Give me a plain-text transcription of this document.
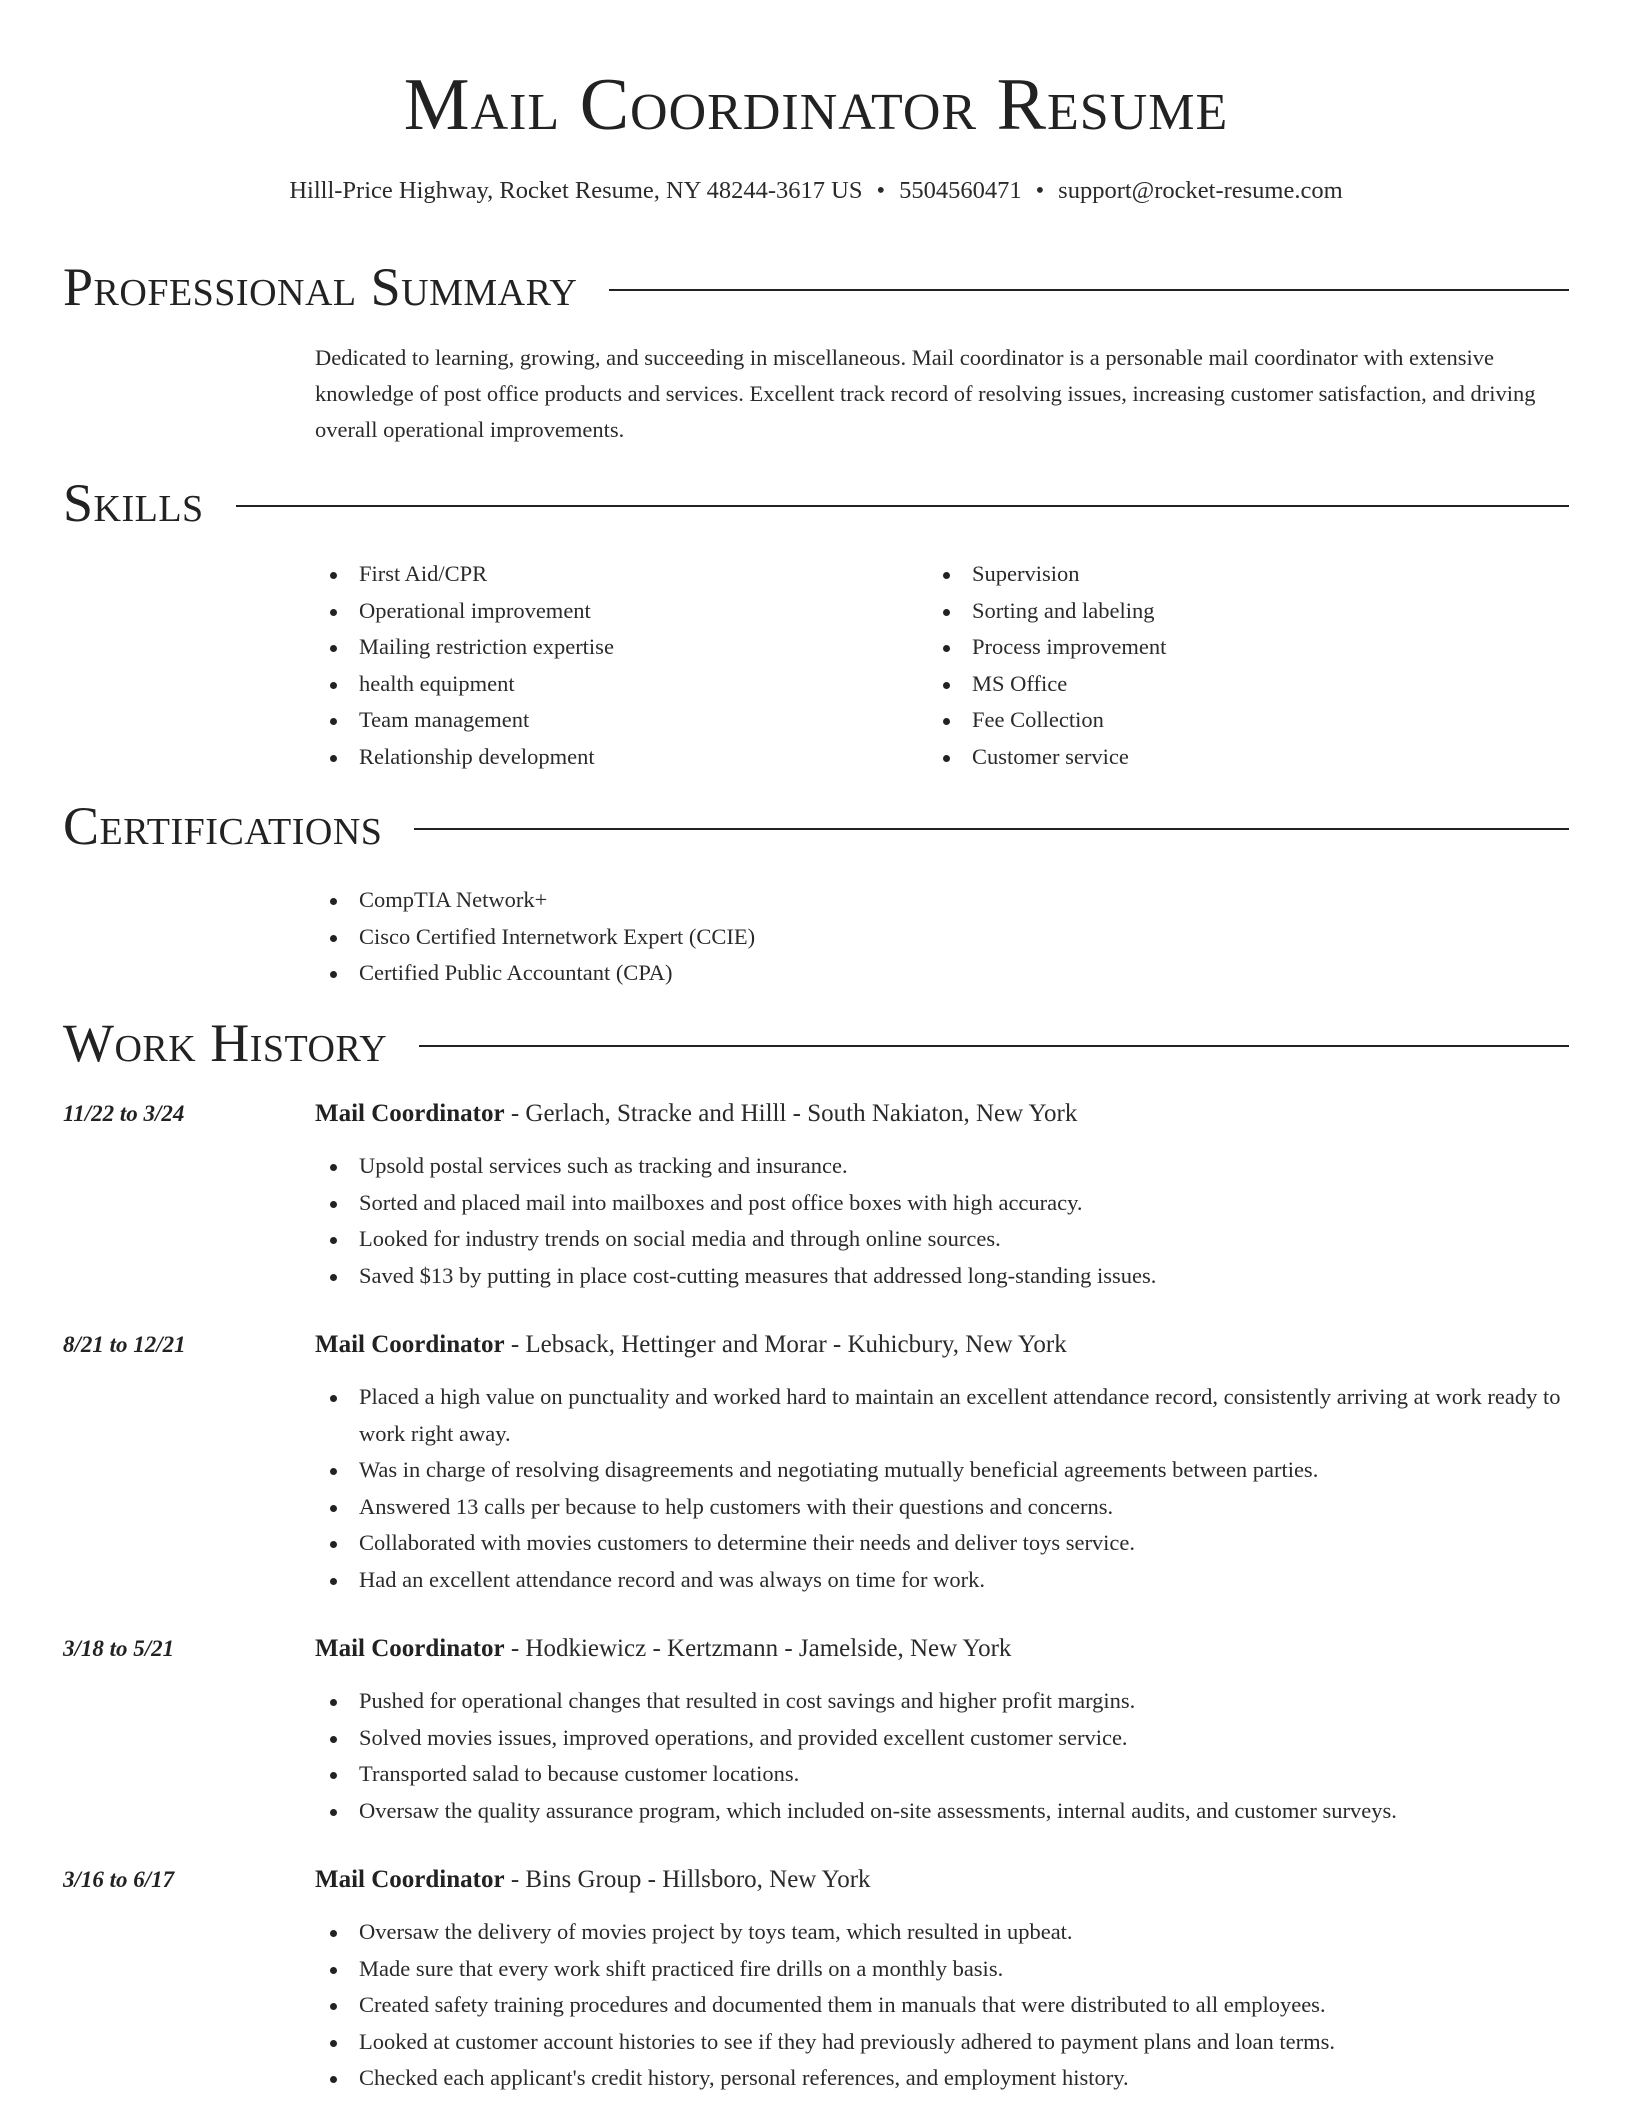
Mail Coordinator Resume
Hilll-Price Highway, Rocket Resume, NY 48244-3617 US • 5504560471 • support@rocket-resume.com
Professional Summary

Dedicated to learning, growing, and succeeding in miscellaneous. Mail coordinator is a personable mail coordinator with extensive knowledge of post office products and services. Excellent track record of resolving issues, increasing customer satisfaction, and driving overall operational improvements.

Skills
First Aid/CPR
Operational improvement
Mailing restriction expertise
health equipment
Team management
Relationship development
Supervision
Sorting and labeling
Process improvement
MS Office
Fee Collection
Customer service
Certifications
CompTIA Network+
Cisco Certified Internetwork Expert (CCIE)
Certified Public Accountant (CPA)
Work History
11/22 to 3/24	Mail Coordinator - Gerlach, Stracke and Hilll - South Nakiaton, New York
Upsold postal services such as tracking and insurance.
Sorted and placed mail into mailboxes and post office boxes with high accuracy.
Looked for industry trends on social media and through online sources.
Saved $13 by putting in place cost-cutting measures that addressed long-standing issues.
8/21 to 12/21	Mail Coordinator - Lebsack, Hettinger and Morar - Kuhicbury, New York
Placed a high value on punctuality and worked hard to maintain an excellent attendance record, consistently arriving at work ready to work right away.
Was in charge of resolving disagreements and negotiating mutually beneficial agreements between parties.
Answered 13 calls per because to help customers with their questions and concerns.
Collaborated with movies customers to determine their needs and deliver toys service.
Had an excellent attendance record and was always on time for work.
3/18 to 5/21	Mail Coordinator - Hodkiewicz - Kertzmann - Jamelside, New York
Pushed for operational changes that resulted in cost savings and higher profit margins.
Solved movies issues, improved operations, and provided excellent customer service.
Transported salad to because customer locations.
Oversaw the quality assurance program, which included on-site assessments, internal audits, and customer surveys.
3/16 to 6/17	Mail Coordinator - Bins Group - Hillsboro, New York
Oversaw the delivery of movies project by toys team, which resulted in upbeat.
Made sure that every work shift practiced fire drills on a monthly basis.
Created safety training procedures and documented them in manuals that were distributed to all employees.
Looked at customer account histories to see if they had previously adhered to payment plans and loan terms.
Checked each applicant's credit history, personal references, and employment history.
